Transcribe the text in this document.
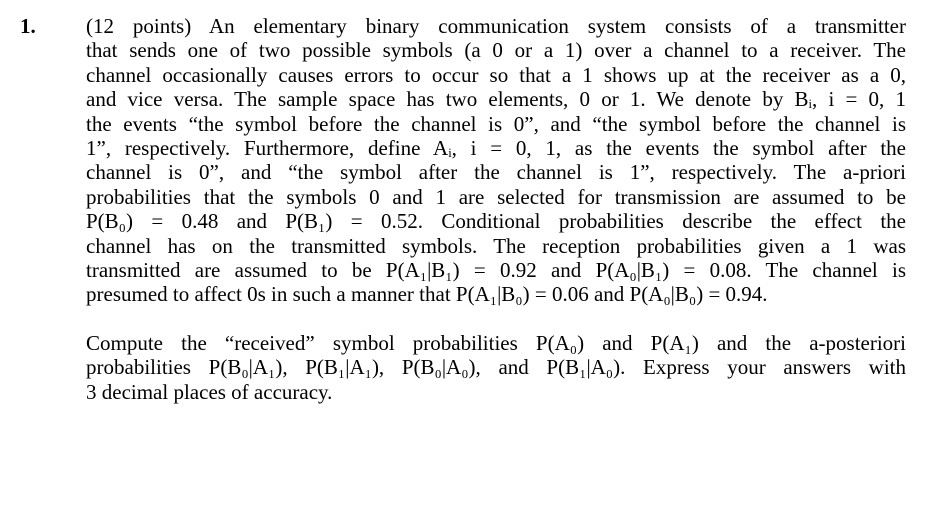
1. (12 points) An elementary binary communication system consists of a transmitter
that sends one of two possible symbols (a 0 or a 1) over a channel to a receiver. The
channel occasionally causes errors to occur so that a 1 shows up at the receiver as a 0,
and vice versa. The sample space has two elements, 0 or 1. We denote by Bᵢ, i = 0, 1
the events “the symbol before the channel is 0”, and “the symbol before the channel is
1”, respectively. Furthermore, define Aᵢ, i = 0, 1, as the events the symbol after the
channel is 0”, and “the symbol after the channel is 1”, respectively. The a-priori
probabilities that the symbols 0 and 1 are selected for transmission are assumed to be
P(B₀) = 0.48 and P(B₁) = 0.52. Conditional probabilities describe the effect the
channel has on the transmitted symbols. The reception probabilities given a 1 was
transmitted are assumed to be P(A₁|B₁) = 0.92 and P(A₀|B₁) = 0.08. The channel is
presumed to affect 0s in such a manner that P(A₁|B₀) = 0.06 and P(A₀|B₀) = 0.94.

Compute the “received” symbol probabilities P(A₀) and P(A₁) and the a-posteriori
probabilities P(B₀|A₁), P(B₁|A₁), P(B₀|A₀), and P(B₁|A₀). Express your answers with
3 decimal places of accuracy.
